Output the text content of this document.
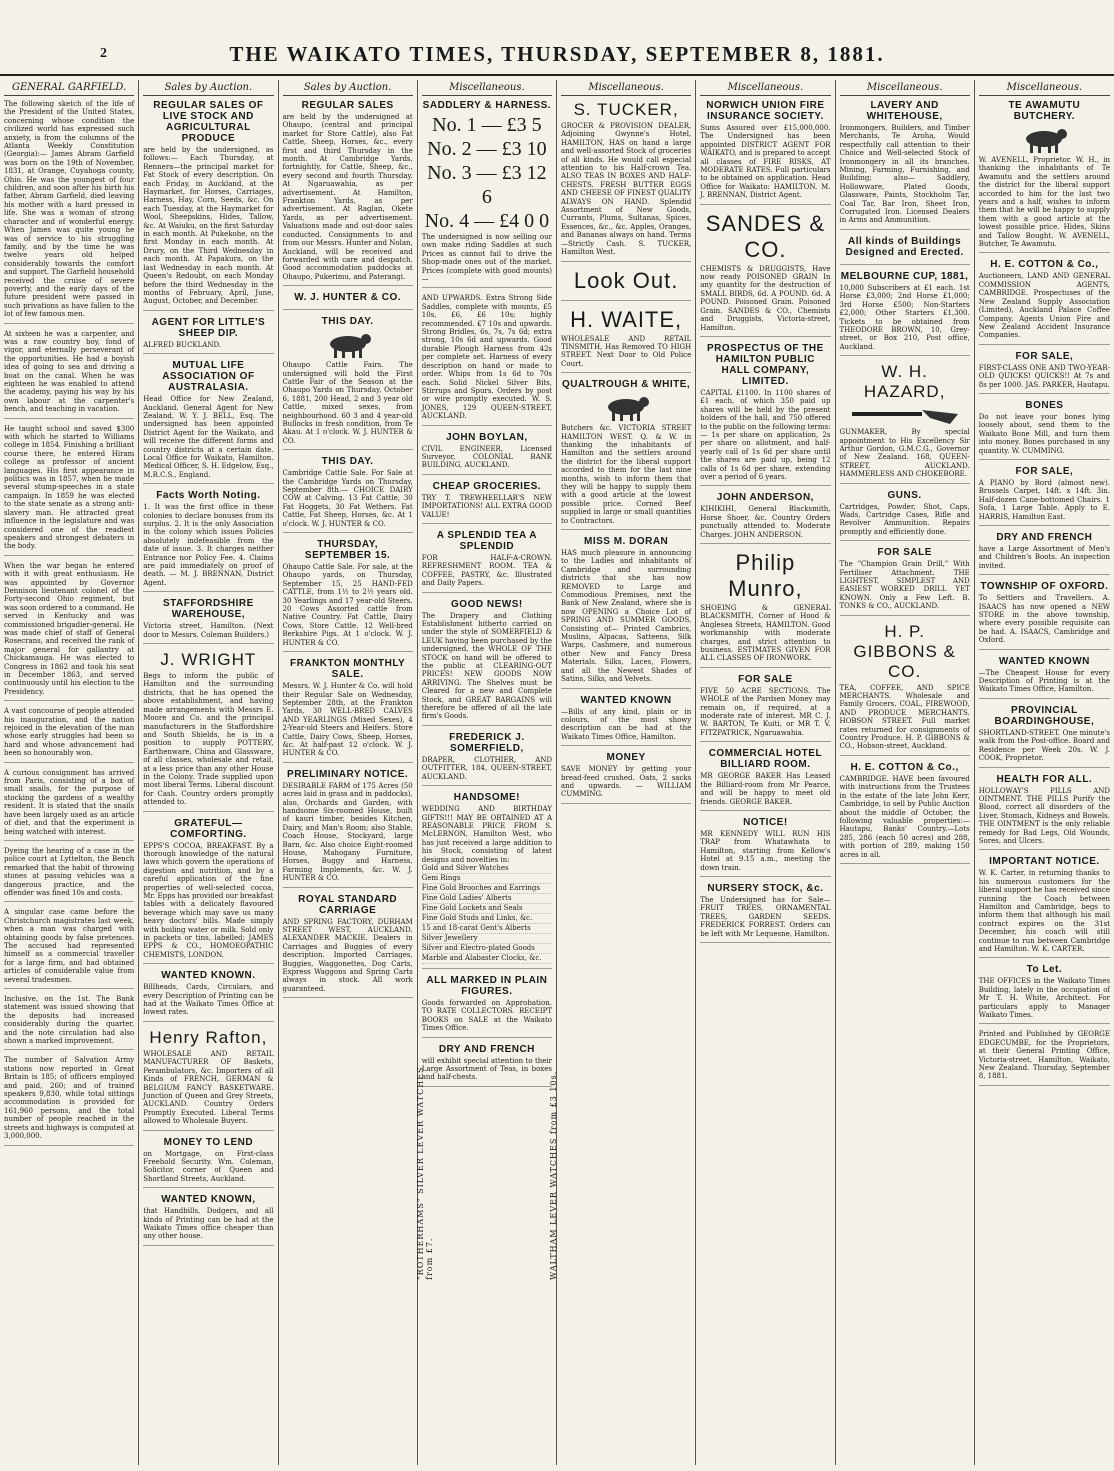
2	THE WAIKATO TIMES, THURSDAY, SEPTEMBER 8, 1881.
GENERAL GARFIELD.

The following sketch of the life of the President of the United States, concerning whose condition the civilized world has expressed such anxiety, is from the columns of the Atlanta Weekly Constitution (Georgia):— James Abram Garfield was born on the 19th of November, 1831, at Orange, Cuyahoga county, Ohio. He was the youngest of four children, and soon after his birth his father, Abram Garfield, died leaving his mother with a hard pressed in life. She was a woman of strong character and of wonderful energy. When James was quite young he was of service to his struggling family, and by the time he was twelve years old helped considerably towards the comfort and support. The Garfield household received the cruise of severe poverty, and the early days of the future president were passed in such privations as have fallen to the lot of few famous men.

At sixteen he was a carpenter, and was a raw country boy, fond of vigor, and eternally perseverant of the opportunities. He had a boyish idea of going to sea and driving a boat on the canal. When he was eighteen he was enabled to attend the academy, paying his way by his own labour at the carpenter's bench, and teaching in vacation.

He taught school and saved $300 with which he started to Williams college in 1854. Finishing a brilliant course there, he entered Hiram college as professor of ancient languages. His first appearance in politics was in 1857, when he made several stump-speeches in a state campaign. In 1859 he was elected to the state senate as a strong anti-slavery man. He attracted great influence in the legislature and was considered one of the readiest speakers and strongest debaters in the body.

When the war began he entered with it with great enthusiasm. He was appointed by Governor Dennison lieutenant colonel of the Forty-second Ohio regiment, but was soon ordered to a command. He served in Kentucky and was commissioned brigadier-general. He was made chief of staff of General Rosecrans, and received the rank of major general for gallantry at Chickamauga. He was elected to Congress in 1862 and took his seat in December 1863, and served continuously until his election to the Presidency.

A vast concourse of people attended his inauguration, and the nation rejoiced in the elevation of the man whose early struggles had been so hard and whose advancement had been so honourably won.

A curious consignment has arrived from Paris, consisting of a box of small snails, for the purpose of stocking the gardens of a wealthy resident. It is stated that the snails have been largely used as an article of diet, and that the experiment is being watched with interest.

Dyeing the hearing of a case in the police court at Lyttelton, the Bench remarked that the habit of throwing stones at passing vehicles was a dangerous practice, and the offender was fined 10s and costs.

A singular case came before the Christchurch magistrates last week, when a man was charged with obtaining goods by false pretences. The accused had represented himself as a commercial traveller for a large firm, and had obtained articles of considerable value from several tradesmen.

Inclusive, on the 1st. The Bank statement was issued showing that the deposits had increased considerably during the quarter, and the note circulation had also shown a marked improvement.

The number of Salvation Army stations now reported in Great Britain is 185; of officers employed and paid, 260; and of trained speakers 9,830, while total sittings accommodation is provided for 161,960 persons, and the total number of people reached in the streets and highways is computed at 3,000,000.

Sales by Auction.
REGULAR SALES OF LIVE STOCK AND AGRICULTURAL PRODUCE

are held by the undersigned, as follows:— Each Thursday, at Rennera—the principal market for Fat Stock of every description. On each Friday, in Auckland, at the Haymarket, for Horses, Carriages, Harness, Hay, Corn, Seeds, &c. On each Tuesday, at the Haymarket for Wool, Sheepskins, Hides, Tallow, &c. At Waiuku, on the first Saturday in each month. At Pukekohe, on the first Monday in each month. At Drury, on the Third Wednesday in each month. At Papakura, on the last Wednesday in each month. At Queen's Redoubt, on each Monday before the third Wednesday in the months of February, April, June, August, October, and December.

AGENT FOR LITTLE'S SHEEP DIP.

ALFRED BUCKLAND.

MUTUAL LIFE ASSOCIATION OF AUSTRALASIA.

Head Office for New Zealand, Auckland. General Agent for New Zealand, W. Y. J. BELL, Esq. The undersigned has been appointed District Agent for the Waikato, and will receive the different forms and country districts at a certain date. Local Office for Waikato, Hamilton. Medical Officer, S. H. Edgelow, Esq., M.R.C.S., England.

Facts Worth Noting.

1. It was the first office in these colonies to declare bonuses from its surplus. 2. It is the only Association in the colony which issues Policies absolutely indefeasible from the date of issue. 3. It charges neither Entrance nor Policy Fee. 4. Claims are paid immediately on proof of death. — M. J. BRENNAN, District Agent.

STAFFORDSHIRE WAREHOUSE,

Victoria street, Hamilton. (Next door to Messrs. Coleman Builders.)

J. WRIGHT

Begs to inform the public of Hamilton and the surrounding districts, that he has opened the above establishment, and having made arrangements with Messrs E. Moore and Co. and the principal manufacturers in the Staffordshire and South Shields, he is in a position to supply POTTERY, Earthenware, China and Glassware, of all classes, wholesale and retail, at a less price than any other House in the Colony. Trade supplied upon most liberal Terms. Liberal discount for Cash. Country orders promptly attended to.

GRATEFUL—COMFORTING.

EPPS'S COCOA, BREAKFAST. By a thorough knowledge of the natural laws which govern the operations of digestion and nutrition, and by a careful application of the fine properties of well-selected cocoa, Mr. Epps has provided our breakfast tables with a delicately flavoured beverage which may save us many heavy doctors' bills. Made simply with boiling water or milk. Sold only in packets or tins, labelled: JAMES EPPS & CO., HOMOEOPATHIC CHEMISTS, LONDON.

WANTED KNOWN.

Billheads, Cards, Circulars, and every Description of Printing can be had at the Waikato Times Office at lowest rates.

Henry Rafton,

WHOLESALE AND RETAIL MANUFACTURER OF Baskets, Perambulators, &c. Importers of all Kinds of FRENCH, GERMAN & BELGIUM FANCY BASKETWARE. Junction of Queen and Grey Streets, AUCKLAND. Country Orders Promptly Executed. Liberal Terms allowed to Wholesale Buyers.

MONEY TO LEND

on Mortgage, on First-class Freehold Security. Wm. Coleman, Solicitor, corner of Queen and Shortland Streets, Auckland.

WANTED KNOWN,

that Handbills, Dodgers, and all kinds of Printing can be had at the Waikato Times office cheaper than any other house.

Sales by Auction.
REGULAR SALES

are held by the undersigned at Ohaupo, (central and principal market for Store Cattle), also Fat Cattle, Sheep, Horses, &c., every first and third Thursday in the month. At Cambridge Yards, fortnightly, for Cattle, Sheep, &c., every second and fourth Thursday. At Ngaruawahia, as per advertisement. At Hamilton, Frankton Yards, as per advertisement. At Raglan, Okete Yards, as per advertisement. Valuations made and out-door sales conducted. Consignments to and from our Messrs. Hunter and Nolan, Auckland, will be received and forwarded with care and despatch. Good accommodation paddocks at Ohaupo, Pukerimu, and Paterangi.

W. J. HUNTER & CO.
THIS DAY.

Ohaupo Cattle Fairs. The undersigned will hold the First Cattle Fair of the Season at the Ohaupo Yards on Thursday, October 6, 1881, 200 Head, 2 and 3 year old Cattle, mixed sexes, from neighbourhood. 60 3 and 4 year-old Bullocks in fresh condition, from Te Akau. At 1 o'clock. W. J. HUNTER & CO.

THIS DAY.

Cambridge Cattle Sale. For Sale at the Cambridge Yards on Thursday, September 8th.— CHOICE DAIRY COW at Calving. 13 Fat Cattle, 30 Fat Hoggets, 30 Fat Wethers. Fat Cattle, Fat Sheep, Horses, &c. At 1 o'clock. W. J. HUNTER & CO.

THURSDAY, SEPTEMBER 15.

Ohaupo Cattle Sale. For sale, at the Ohaupo yards, on Thursday, September 15, 25 HAND-FED CATTLE, from 1½ to 2½ years old. 30 Yearlings and 17 year-old Steers. 20 Cows Assorted cattle from Native Country. Fat Cattle, Dairy Cows, Store Cattle. 12 Well-bred Berkshire Pigs. At 1 o'clock. W. J. HUNTER & CO.

FRANKTON MONTHLY SALE.

Messrs. W. J. Hunter & Co. will hold their Regular Sale on Wednesday, September 28th, at the Frankton Yards, 30 WELL-BRED CALVES AND YEARLINGS (Mixed Sexes), 4 2-Year-old Steers and Heifers. Store Cattle, Dairy Cows, Sheep, Horses, &c. At half-past 12 o'clock. W. J. HUNTER & CO.

PRELIMINARY NOTICE.

DESIRABLE FARM of 175 Acres (50 acres laid in grass and in paddocks), also, Orchards and Garden, with handsome Six-roomed House, built of kauri timber, besides Kitchen, Dairy, and Man's Room; also Stable, Coach House, Stockyard, large Barn, &c. Also choice Eight-roomed House, Mahogany Furniture, Horses, Buggy and Harness, Farming Implements, &c. W. J. HUNTER & CO.

ROYAL STANDARD CARRIAGE

AND SPRING FACTORY, DURHAM STREET WEST, AUCKLAND. ALEXANDER MACKIE. Dealers in Carriages and Buggies of every description. Imported Carriages, Buggies, Waggonettes, Dog Carts, Express Waggons and Spring Carts always in stock. All work guaranteed.

Miscellaneous.
SADDLERY & HARNESS.
No. 1 — £3 5
No. 2 — £3 10
No. 3 — £3 12 6
No. 4 — £4 0 0

The undersigned is now selling our own make riding Saddles at such Prices as cannot fail to drive the Shop-made ones out of the market. Prices (complete with good mounts)—

AND UPWARDS. Extra Strong Side Saddles, complete with mounts, £5 10s, £6, £6 10s; highly recommended. £7 10s and upwards. Strong Bridles, 6s, 7s, 7s 6d; extra strong, 10s 6d and upwards. Good durable Plough Harness from 42s per complete set. Harness of every description on hand or made to order. Whips from 1s 6d to 70s each. Solid Nickel Silver Bits, Stirrups and Spurs. Orders by post or wire promptly executed. W. S. JONES, 129 QUEEN-STREET, AUCKLAND.

JOHN BOYLAN,

CIVIL ENGINEER, Licensed Surveyor, COLONIAL BANK BUILDING, AUCKLAND.

CHEAP GROCERIES.

TRY T. TREWHEELLAR'S NEW IMPORTATIONS! ALL EXTRA GOOD VALUE!

A SPLENDID TEA A SPLENDID

FOR HALF-A-CROWN. REFRESHMENT ROOM. TEA & COFFEE, PASTRY, &c. Illustrated and Daily Papers.

GOOD NEWS!

The Drapery and Clothing Establishment hitherto carried on under the style of SOMERFIELD & LEUK having been purchased by the undersigned, the WHOLE OF THE STOCK on hand will be offered to the public at CLEARING-OUT PRICES! NEW GOODS NOW ARRIVING. The Shelves must be Cleared for a new and Complete Stock, and GREAT BARGAINS will therefore be offered of all the late firm's Goods.

FREDERICK J. SOMERFIELD,

DRAPER, CLOTHIER, AND OUTFITTER, 184, QUEEN-STREET, AUCKLAND.

HANDSOME!

WEDDING AND BIRTHDAY GIFTS!!! MAY BE OBTAINED AT A REASONABLE PRICE FROM S. McLERNON, Hamilton West, who has just received a large addition to his Stock, consisting of latest designs and novelties in:

Gold and Silver Watches
Gem Rings
Fine Gold Brooches and Earrings
Fine Gold Ladies' Alberts
Fine Gold Lockets and Seals
Fine Gold Studs and Links, &c.
15 and 18-carat Gent's Alberts
Silver Jewellery
Silver and Electro-plated Goods
Marble and Alabaster Clocks, &c.
ALL MARKED IN PLAIN FIGURES.

Goods forwarded on Approbation. TO RATE COLLECTORS. RECEIPT BOOKS on SALE at the Waikato Times Office.

DRY AND FRENCH

will exhibit special attention to their Large Assortment of Teas, in boxes and half-chests.

"ROTHERHAMS" SILVER LEVER WATCHES from £7.	WALTHAM LEVER WATCHES from £3 10s.
Miscellaneous.
S. TUCKER,

GROCER & PROVISION DEALER, Adjoining Gwynne's Hotel, HAMILTON, HAS on hand a large and well-assorted Stock of groceries of all kinds. He would call especial attention to his Half-crown Tea. ALSO TEAS IN BOXES AND HALF-CHESTS. FRESH BUTTER EGGS AND CHEESE OF FINEST QUALITY ALWAYS ON HAND. Splendid Assortment of New Goods, Currants, Plums, Sultanas, Spices, Essences, &c., &c. Apples, Oranges, and Bananas always on hand. Terms—Strictly Cash. S. TUCKER, Hamilton West.

Look Out.
H. WAITE,

WHOLESALE AND RETAIL TINSMITH, Has Removed TO HIGH STREET. Next Door to Old Police Court.

QUALTROUGH & WHITE,

Butchers &c. VICTORIA STREET HAMILTON WEST. Q. & W. in thanking the inhabitants of Hamilton and the settlers around the district for the liberal support accorded to them for the last nine months, wish to inform them that they will be happy to supply them with a good article at the lowest possible price. Corned Beef supplied in large or small quantities to Contractors.

MISS M. DORAN

HAS much pleasure in announcing to the Ladies and inhabitants of Cambridge and surrounding districts that she has now REMOVED to Large and Commodious Premises, next the Bank of New Zealand, where she is now OPENING a Choice Lot of SPRING AND SUMMER GOODS, Consisting of— Printed Cambrics, Muslins, Alpacas, Satteens, Silk Warps, Cashmere, and numerous other New and Fancy Dress Materials. Silks, Laces, Flowers, and all the Newest Shades of Satins, Silks, and Velvets.

WANTED KNOWN

—Bills of any kind, plain or in colours, of the most showy description can be had at the Waikato Times Office, Hamilton.

MONEY

SAVE MONEY by getting your bread-feed crushed. Oats, 2 sacks and upwards. — WILLIAM CUMMING.

Miscellaneous.
NORWICH UNION FIRE INSURANCE SOCIETY.

Sums Assured over £15,000,000. The Undersigned has been appointed DISTRICT AGENT FOR WAIKATO, and is prepared to accept all classes of FIRE RISKS, AT MODERATE RATES. Full particulars to be obtained on application. Head Office for Waikato: HAMILTON. M. J. BRENNAN, District Agent.

SANDES & CO.

CHEMISTS & DRUGGISTS, Have now ready POISONED GRAIN In any quantity for the destruction of SMALL BIRDS, 6d. A POUND. 6d. A POUND. Poisoned Grain. Poisoned Grain. SANDES & CO., Chemists and Druggists, Victoria-street, Hamilton.

PROSPECTUS OF THE HAMILTON PUBLIC HALL COMPANY, LIMITED.

CAPITAL £1100. In 1100 shares of £1 each, of which 350 paid up shares will be held by the present holders of the hall, and 750 offered to the public on the following terms:— 1s per share on application, 2s per share on allotment, and half-yearly call of 1s 6d per share until the shares are paid up, being 12 calls of 1s 6d per share, extending over a period of 6 years.

JOHN ANDERSON,

KIHIKIHI, General Blacksmith, Horse Shoer, &c. Country Orders punctually attended to. Moderate Charges. JOHN ANDERSON.

Philip Munro,

SHOEING & GENERAL BLACKSMITH, Corner of Hood & Anglesea Streets, HAMILTON. Good workmanship with moderate charges, and strict attention to business. ESTIMATES GIVEN FOR ALL CLASSES OF IRONWORK.

FOR SALE

FIVE 50 ACRE SECTIONS. The WHOLE of the Pardsen Money may remain on, if required, at a moderate rate of interest. MR C. J. W. BARTON, Te Kuiti, or MR T. V. FITZPATRICK, Ngaruawahia.

COMMERCIAL HOTEL BILLIARD ROOM.

MR GEORGE BAKER Has Leased the Billiard-room from Mr Pearce, and will be happy to meet old friends. GEORGE BAKER.

NOTICE!

MR KENNEDY WILL RUN HIS TRAP from Whatawhata to Hamilton, starting from Kellow's Hotel at 9.15 a.m., meeting the down train.

NURSERY STOCK, &c.

The Undersigned has for Sale— FRUIT TREES, ORNAMENTAL TREES, GARDEN SEEDS. FREDERICK FORREST. Orders can be left with Mr Lequesne, Hamilton.

Miscellaneous.
LAVERY AND WHITEHOUSE,

Ironmongers, Builders, and Timber Merchants, Te Aroha, Would respectfully call attention to their Choice and Well-selected Stock of Ironmongery in all its branches. Mining, Farming, Furnishing, and Building; also— Saddlery, Hollowware, Plated Goods, Glassware, Paints, Stockholm Tar, Coal Tar, Bar Iron, Sheet Iron, Corrugated Iron. Licensed Dealers in Arms and Ammunition.

All kinds of Buildings Designed and Erected.
MELBOURNE CUP, 1881,

10,000 Subscribers at £1 each. 1st Horse £3,000; 2nd Horse £1,000; 3rd Horse £500; Non-Starters £2,000; Other Starters £1,300. Tickets to be obtained from THEODORE BROWN, 10, Grey-street, or Box 210, Post office, Auckland.

W. H. HAZARD,

GUNMAKER, By special appointment to His Excellency Sir Arthur Gordon, G.M.C.G., Governor of New Zealand. 168, QUEEN-STREET, AUCKLAND. HAMMERLESS AND CHOKEBORE.

GUNS.

Cartridges, Powder, Shot, Caps, Wads, Cartridge Cases, Rifle and Revolver Ammunition. Repairs promptly and efficiently done.

FOR SALE

The "Champion Grain Drill," With Fertiliser Attachment. THE LIGHTEST, SIMPLEST AND EASIEST WORKED DRILL YET KNOWN. Only a Few Left. B. TONKS & CO., AUCKLAND.

H. P. GIBBONS & CO.

TEA, COFFEE, AND SPICE MERCHANTS. Wholesale and Family Grocers, COAL, FIREWOOD, AND PRODUCE MERCHANTS. HOBSON STREET. Full market rates returned for consignments of Country Produce. H. P. GIBBONS & CO., Hobson-street, Auckland.

H. E. COTTON & Co.,

CAMBRIDGE. HAVE been favoured with instructions from the Trustees in the estate of the late John Kerr, Cambridge, to sell by Public Auction about the middle of October, the following valuable properties:— Hautapu, Banks' Country.—Lots 285, 286 (each 50 acres) and 288, with portion of 289, making 150 acres in all.

Miscellaneous.
TE AWAMUTU BUTCHERY.

W. AVENELL, Proprietor. W. H., in thanking the inhabitants of Te Awamutu and the settlers around the district for the liberal support accorded to him for the last two years and a half, wishes to inform them that he will be happy to supply them with a good article at the lowest possible price. Hides, Skins and Tallow Bought. W. AVENELL, Butcher, Te Awamutu.

H. E. COTTON & Co.,

Auctioneers, LAND AND GENERAL COMMISSION AGENTS, CAMBRIDGE. Prospectuses of the New Zealand Supply Association (Limited), Auckland Palace Coffee Company. Agents Union Fire and New Zealand Accident Insurance Companies.

FOR SALE,

FIRST-CLASS ONE AND TWO-YEAR-OLD QUICKS! QUICKS!! At 7s and 8s per 1000. JAS. PARKER, Hautapu.

BONES

Do not leave your bones lying loosely about, send them to the Waikato Bone Mill, and turn them into money. Bones purchased in any quantity. W. CUMMING.

FOR SALE,

A PIANO by Bord (almost new). Brussels Carpet, 14ft. x 14ft. 3in. Half-dozen Cane-bottomed Chairs. 1 Sofa, 1 Large Table. Apply to E. HARRIS, Hamilton East.

DRY AND FRENCH

have a Large Assortment of Men's and Children's Boots. An inspection invited.

TOWNSHIP OF OXFORD.

To Settlers and Travellers. A. ISAACS has now opened a NEW STORE in the above township, where every possible requisite can be had. A. ISAACS, Cambridge and Oxford.

WANTED KNOWN

—The Cheapest House for every Description of Printing is at the Waikato Times Office, Hamilton.

PROVINCIAL BOARDINGHOUSE,

SHORTLAND-STREET. One minute's walk from the Post-office. Board and Residence per Week 20s. W. J. COOK, Proprietor.

HEALTH FOR ALL.

HOLLOWAY'S PILLS AND OINTMENT. THE PILLS Purify the Blood, correct all disorders of the Liver, Stomach, Kidneys and Bowels. THE OINTMENT is the only reliable remedy for Bad Legs, Old Wounds, Sores, and Ulcers.

IMPORTANT NOTICE.

W. K. Carter, in returning thanks to his numerous customers for the liberal support he has received since running the Coach between Hamilton and Cambridge, begs to inform them that although his mail contract expires on the 31st December, his coach will still continue to run between Cambridge and Hamilton. W. K. CARTER.

To Let.

THE OFFICES in the Waikato Times Building, lately in the occupation of Mr T. H. White, Architect. For particulars apply to Manager Waikato Times.

Printed and Published by GEORGE EDGECUMBE, for the Proprietors, at their General Printing Office, Victoria-street, Hamilton, Waikato, New Zealand. Thursday, September 8, 1881.
